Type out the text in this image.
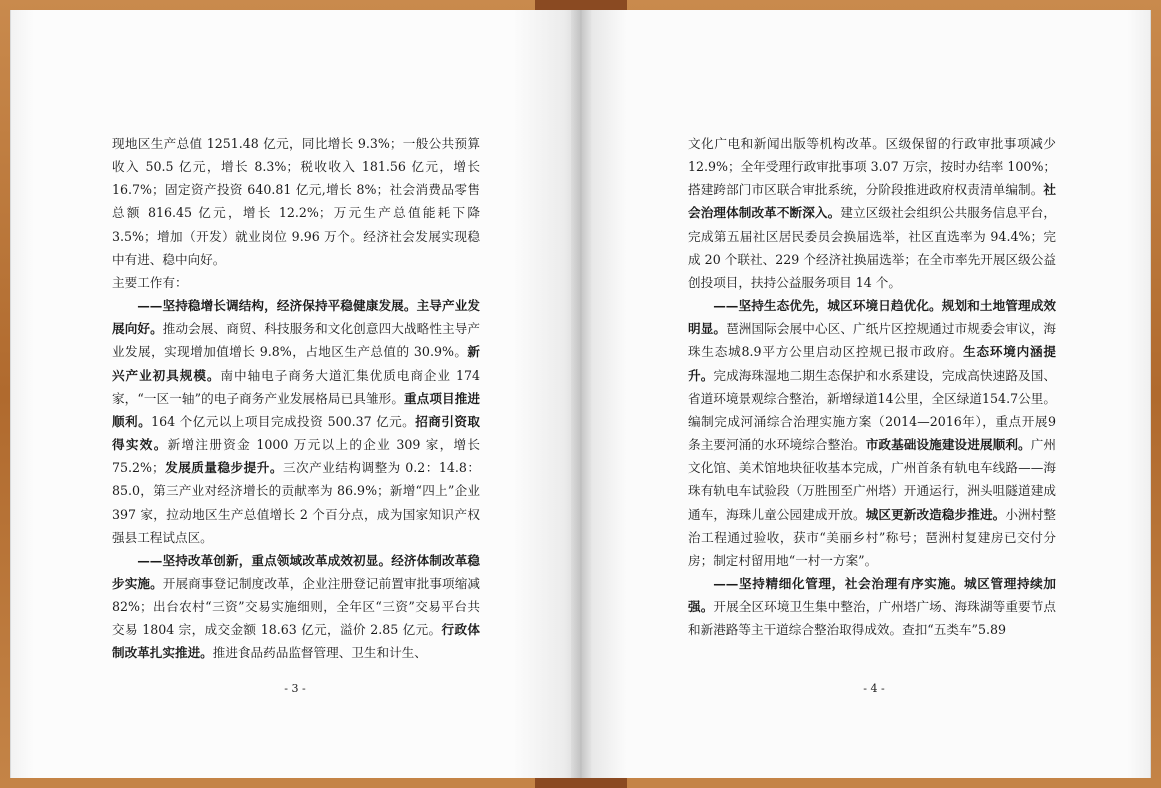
现地区生产总值 1251.48 亿元，同比增长 9.3%；一般公共预算收入 50.5 亿元，增长 8.3%；税收收入 181.56 亿元，增长 16.7%；固定资产投资 640.81 亿元,增长 8%；社会消费品零售总额 816.45 亿元，增长 12.2%；万元生产总值能耗下降 3.5%；增加（开发）就业岗位 9.96 万个。经济社会发展实现稳中有进、稳中向好。

主要工作有：

——坚持稳增长调结构，经济保持平稳健康发展。主导产业发展向好。推动会展、商贸、科技服务和文化创意四大战略性主导产业发展，实现增加值增长 9.8%，占地区生产总值的 30.9%。新兴产业初具规模。南中轴电子商务大道汇集优质电商企业 174 家，“一区一轴”的电子商务产业发展格局已具雏形。重点项目推进顺利。164 个亿元以上项目完成投资 500.37 亿元。招商引资取得实效。新增注册资金 1000 万元以上的企业 309 家，增长 75.2%；发展质量稳步提升。三次产业结构调整为 0.2：14.8：85.0，第三产业对经济增长的贡献率为 86.9%；新增“四上”企业 397 家，拉动地区生产总值增长 2 个百分点，成为国家知识产权强县工程试点区。

——坚持改革创新，重点领域改革成效初显。经济体制改革稳步实施。开展商事登记制度改革，企业注册登记前置审批事项缩减 82%；出台农村“三资”交易实施细则，全年区“三资”交易平台共交易 1804 宗，成交金额 18.63 亿元，溢价 2.85 亿元。行政体制改革扎实推进。推进食品药品监督管理、卫生和计生、

- 3 -

文化广电和新闻出版等机构改革。区级保留的行政审批事项减少 12.9%；全年受理行政审批事项 3.07 万宗，按时办结率 100%；搭建跨部门市区联合审批系统，分阶段推进政府权责清单编制。社会治理体制改革不断深入。建立区级社会组织公共服务信息平台，完成第五届社区居民委员会换届选举，社区直选率为 94.4%；完成 20 个联社、229 个经济社换届选举；在全市率先开展区级公益创投项目，扶持公益服务项目 14 个。

——坚持生态优先，城区环境日趋优化。规划和土地管理成效明显。琶洲国际会展中心区、广纸片区控规通过市规委会审议，海珠生态城8.9平方公里启动区控规已报市政府。生态环境内涵提升。完成海珠湿地二期生态保护和水系建设，完成高快速路及国、省道环境景观综合整治，新增绿道14公里，全区绿道154.7公里。编制完成河涌综合治理实施方案（2014—2016年），重点开展9条主要河涌的水环境综合整治。市政基础设施建设进展顺利。广州文化馆、美术馆地块征收基本完成，广州首条有轨电车线路——海珠有轨电车试验段（万胜围至广州塔）开通运行，洲头咀隧道建成通车，海珠儿童公园建成开放。城区更新改造稳步推进。小洲村整治工程通过验收，获市“美丽乡村”称号；琶洲村复建房已交付分房；制定村留用地“一村一方案”。

——坚持精细化管理，社会治理有序实施。城区管理持续加强。开展全区环境卫生集中整治，广州塔广场、海珠湖等重要节点和新港路等主干道综合整治取得成效。查扣“五类车”5.89

- 4 -
